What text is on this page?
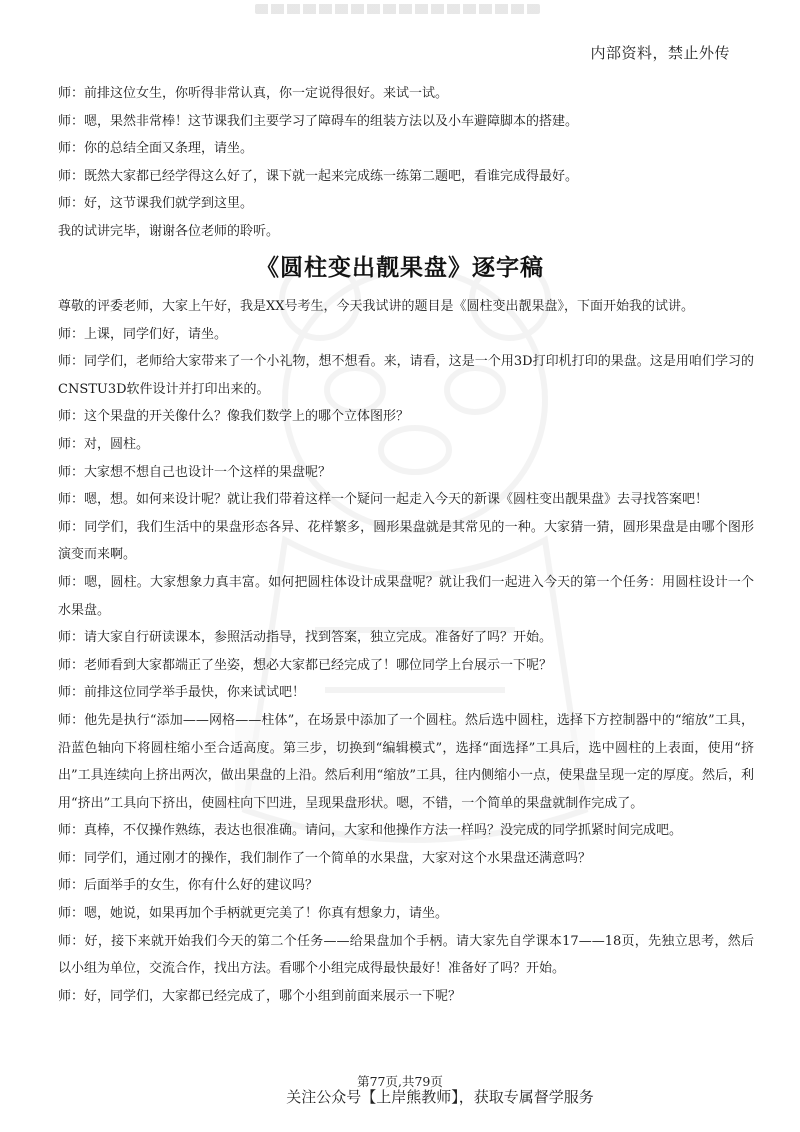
内部资料，禁止外传
师：前排这位女生，你听得非常认真，你一定说得很好。来试一试。
师：嗯，果然非常棒！这节课我们主要学习了障碍车的组装方法以及小车避障脚本的搭建。
师：你的总结全面又条理，请坐。
师：既然大家都已经学得这么好了，课下就一起来完成练一练第二题吧，看谁完成得最好。
师：好，这节课我们就学到这里。
我的试讲完毕，谢谢各位老师的聆听。
《圆柱变出靓果盘》逐字稿
尊敬的评委老师，大家上午好，我是XX号考生，今天我试讲的题目是《圆柱变出靓果盘》，下面开始我的试讲。
师：上课，同学们好，请坐。
师：同学们，老师给大家带来了一个小礼物，想不想看。来，请看，这是一个用3D打印机打印的果盘。这是用咱们学习的CNSTU3D软件设计并打印出来的。
师：这个果盘的开关像什么？像我们数学上的哪个立体图形？
师：对，圆柱。
师：大家想不想自己也设计一个这样的果盘呢？
师：嗯，想。如何来设计呢？就让我们带着这样一个疑问一起走入今天的新课《圆柱变出靓果盘》去寻找答案吧！
师：同学们，我们生活中的果盘形态各异、花样繁多，圆形果盘就是其常见的一种。大家猜一猜，圆形果盘是由哪个图形演变而来啊。
师：嗯，圆柱。大家想象力真丰富。如何把圆柱体设计成果盘呢？就让我们一起进入今天的第一个任务：用圆柱设计一个水果盘。
师：请大家自行研读课本，参照活动指导，找到答案，独立完成。准备好了吗？开始。
师：老师看到大家都端正了坐姿，想必大家都已经完成了！哪位同学上台展示一下呢？
师：前排这位同学举手最快，你来试试吧！
师：他先是执行“添加——网格——柱体”，在场景中添加了一个圆柱。然后选中圆柱，选择下方控制器中的“缩放”工具，沿蓝色轴向下将圆柱缩小至合适高度。第三步，切换到“编辑模式”，选择“面选择”工具后，选中圆柱的上表面，使用“挤出”工具连续向上挤出两次，做出果盘的上沿。然后利用“缩放”工具，往内侧缩小一点，使果盘呈现一定的厚度。然后，利用“挤出”工具向下挤出，使圆柱向下凹进，呈现果盘形状。嗯，不错，一个简单的果盘就制作完成了。
师：真棒，不仅操作熟练，表达也很准确。请问，大家和他操作方法一样吗？没完成的同学抓紧时间完成吧。
师：同学们，通过刚才的操作，我们制作了一个简单的水果盘，大家对这个水果盘还满意吗？
师：后面举手的女生，你有什么好的建议吗？
师：嗯，她说，如果再加个手柄就更完美了！你真有想象力，请坐。
师：好，接下来就开始我们今天的第二个任务——给果盘加个手柄。请大家先自学课本17——18页，先独立思考，然后以小组为单位，交流合作，找出方法。看哪个小组完成得最快最好！准备好了吗？开始。
师：好，同学们，大家都已经完成了，哪个小组到前面来展示一下呢？
第77页,共79页
关注公众号【上岸熊教师】，获取专属督学服务
